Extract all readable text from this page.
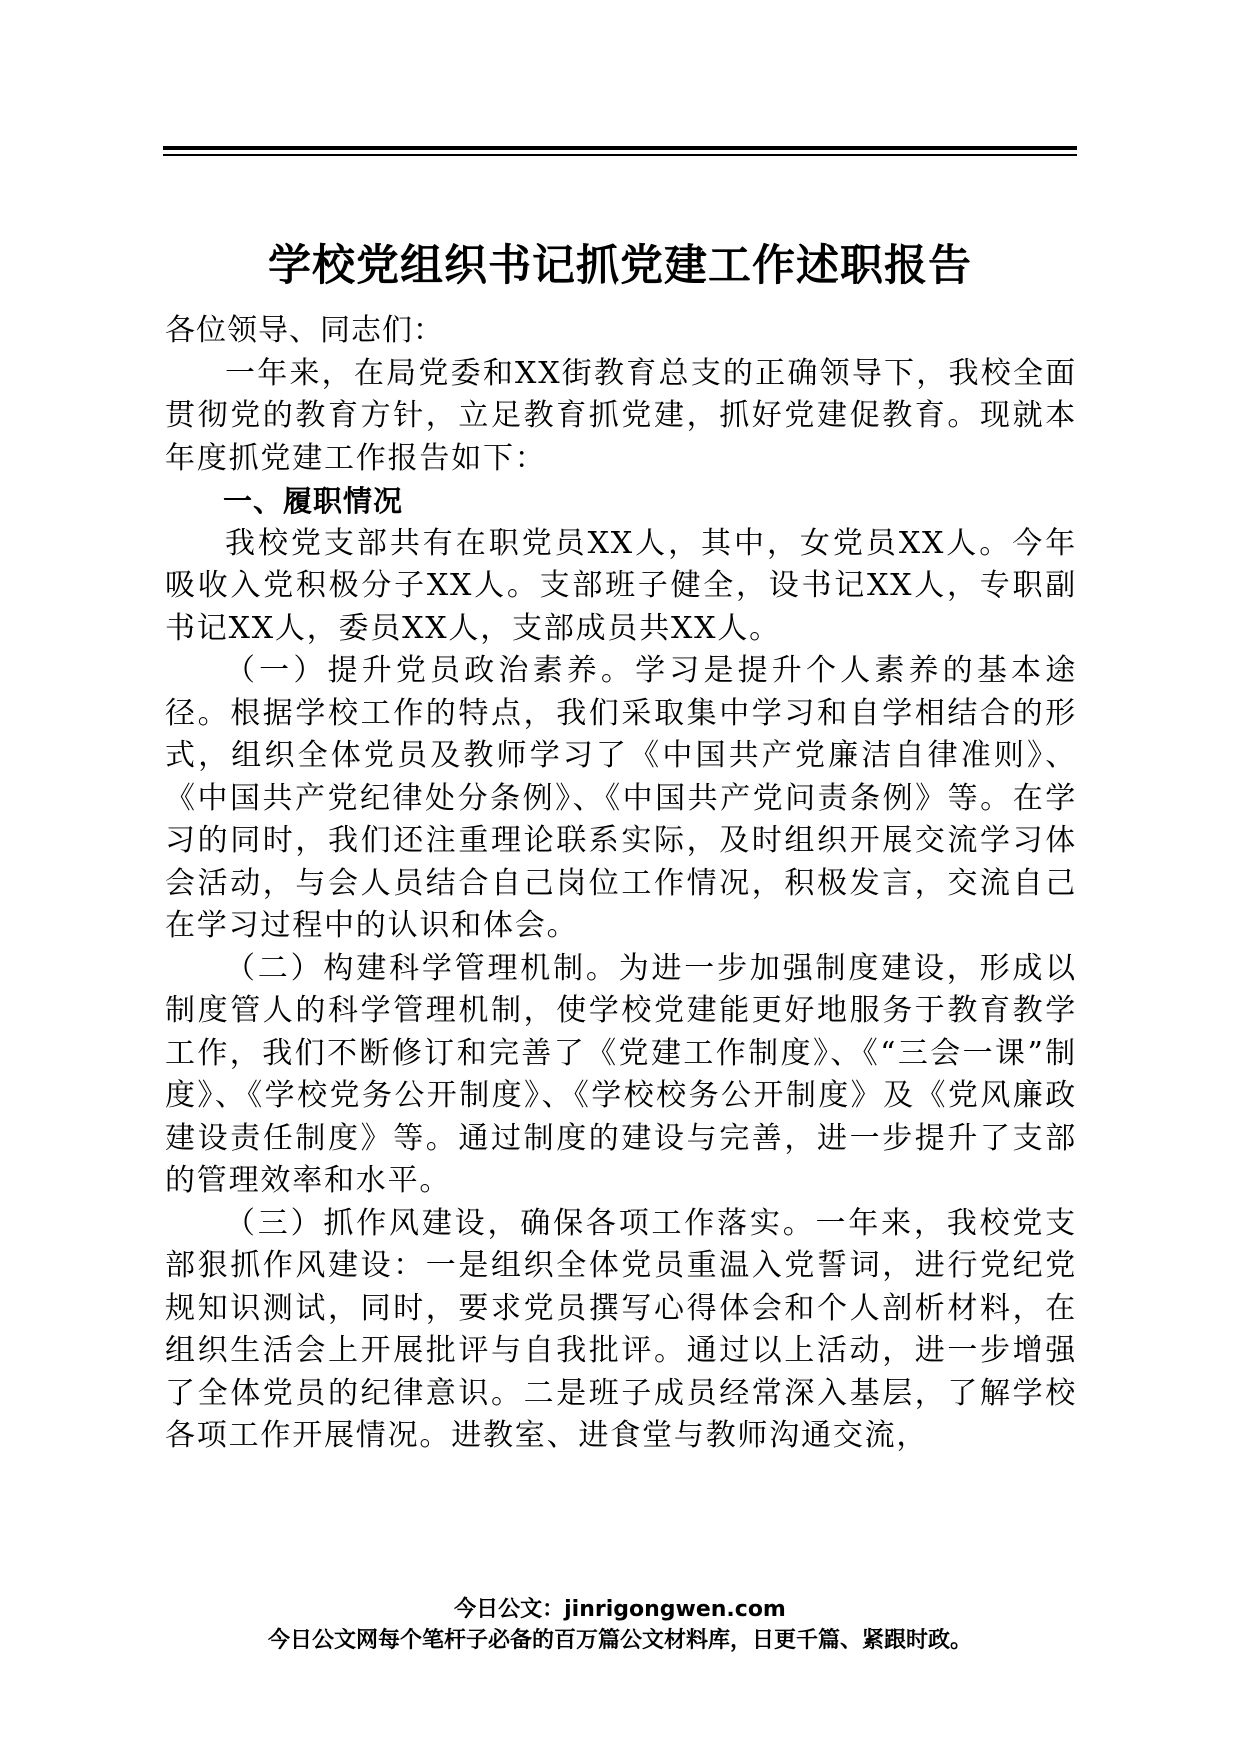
学校党组织书记抓党建工作述职报告

各位领导、同志们：

一年来，在局党委和XX街教育总支的正确领导下，我校全面贯彻党的教育方针，立足教育抓党建，抓好党建促教育。现就本年度抓党建工作报告如下：

一、履职情况

我校党支部共有在职党员XX人，其中，女党员XX人。今年吸收入党积极分子XX人。支部班子健全，设书记XX人，专职副书记XX人，委员XX人，支部成员共XX人。

（一）提升党员政治素养。学习是提升个人素养的基本途径。根据学校工作的特点，我们采取集中学习和自学相结合的形式，组织全体党员及教师学习了《中国共产党廉洁自律准则》、《中国共产党纪律处分条例》、《中国共产党问责条例》等。在学习的同时，我们还注重理论联系实际，及时组织开展交流学习体会活动，与会人员结合自己岗位工作情况，积极发言，交流自己在学习过程中的认识和体会。

（二）构建科学管理机制。为进一步加强制度建设，形成以制度管人的科学管理机制，使学校党建能更好地服务于教育教学工作，我们不断修订和完善了《党建工作制度》、《“三会一课”制度》、《学校党务公开制度》、《学校校务公开制度》及《党风廉政建设责任制度》等。通过制度的建设与完善，进一步提升了支部的管理效率和水平。

（三）抓作风建设，确保各项工作落实。一年来，我校党支部狠抓作风建设：一是组织全体党员重温入党誓词，进行党纪党规知识测试，同时，要求党员撰写心得体会和个人剖析材料，在组织生活会上开展批评与自我批评。通过以上活动，进一步增强了全体党员的纪律意识。二是班子成员经常深入基层，了解学校各项工作开展情况。进教室、进食堂与教师沟通交流，

今日公文：jinrigongwen.com
今日公文网每个笔杆子必备的百万篇公文材料库，日更千篇、紧跟时政。
